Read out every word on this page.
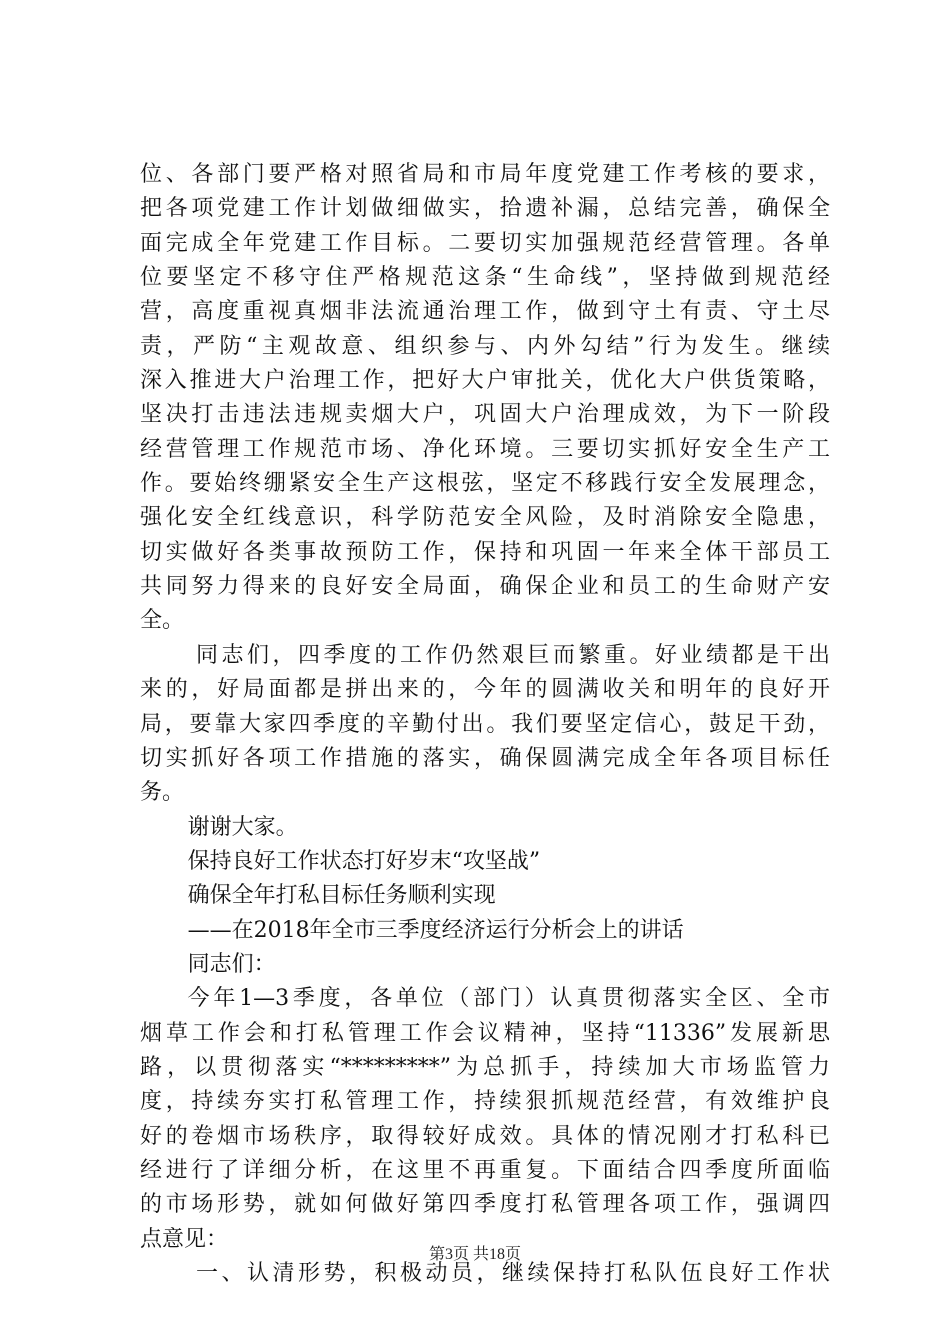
位、各部门要严格对照省局和市局年度党建工作考核的要求，
把各项党建工作计划做细做实，拾遗补漏，总结完善，确保全
面完成全年党建工作目标。二要切实加强规范经营管理。各单
位要坚定不移守住严格规范这条“生命线”，坚持做到规范经
营，高度重视真烟非法流通治理工作，做到守土有责、守土尽
责，严防“主观故意、组织参与、内外勾结”行为发生。继续
深入推进大户治理工作，把好大户审批关，优化大户供货策略，
坚决打击违法违规卖烟大户，巩固大户治理成效，为下一阶段
经营管理工作规范市场、净化环境。三要切实抓好安全生产工
作。要始终绷紧安全生产这根弦，坚定不移践行安全发展理念，
强化安全红线意识，科学防范安全风险，及时消除安全隐患，
切实做好各类事故预防工作，保持和巩固一年来全体干部员工
共同努力得来的良好安全局面，确保企业和员工的生命财产安
全。
同志们，四季度的工作仍然艰巨而繁重。好业绩都是干出
来的，好局面都是拼出来的，今年的圆满收关和明年的良好开
局，要靠大家四季度的辛勤付出。我们要坚定信心，鼓足干劲，
切实抓好各项工作措施的落实，确保圆满完成全年各项目标任
务。
谢谢大家。
保持良好工作状态打好岁末“攻坚战”
确保全年打私目标任务顺利实现
——在2018年全市三季度经济运行分析会上的讲话
同志们：
今年1—3季度，各单位（部门）认真贯彻落实全区、全市
烟草工作会和打私管理工作会议精神，坚持“11336”发展新思
路，以贯彻落实“*********”为总抓手，持续加大市场监管力
度，持续夯实打私管理工作，持续狠抓规范经营，有效维护良
好的卷烟市场秩序，取得较好成效。具体的情况刚才打私科已
经进行了详细分析，在这里不再重复。下面结合四季度所面临
的市场形势，就如何做好第四季度打私管理各项工作，强调四
点意见：
一、认清形势，积极动员，继续保持打私队伍良好工作状
第3页 共18页
